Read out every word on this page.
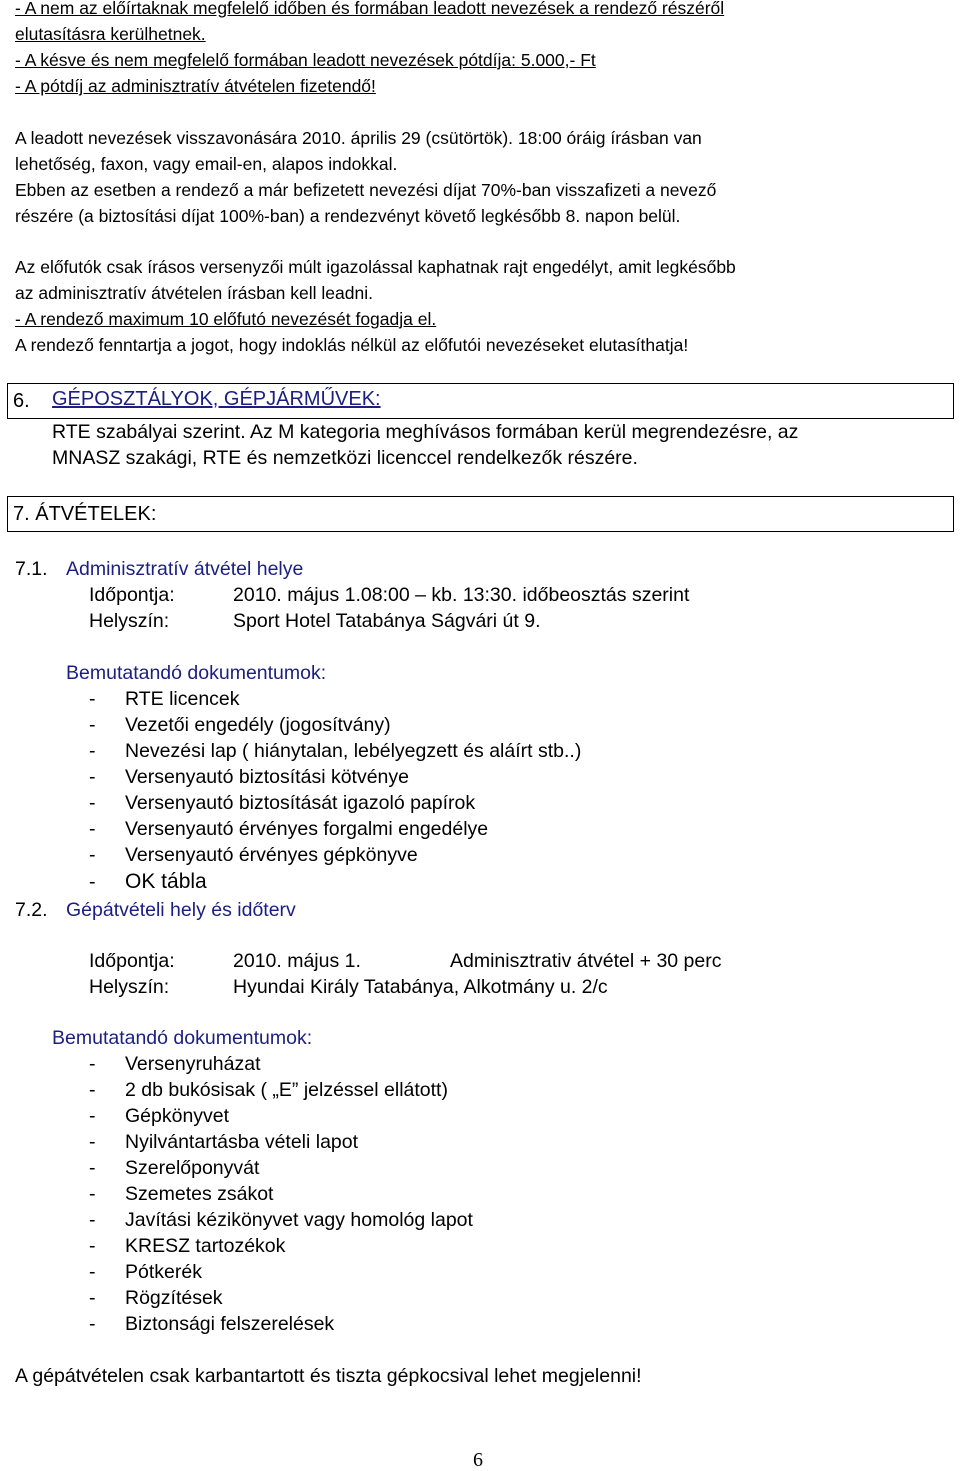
- A nem az előírtaknak megfelelő időben és formában leadott nevezések a rendező részéről
elutasításra kerülhetnek.
- A késve és nem megfelelő formában leadott nevezések pótdíja: 5.000,- Ft
- A pótdíj az adminisztratív átvételen fizetendő!
A leadott nevezések visszavonására 2010. április 29 (csütörtök). 18:00 óráig írásban van
lehetőség, faxon, vagy email-en, alapos indokkal.
Ebben az esetben a rendező a már befizetett nevezési díjat 70%-ban visszafizeti a nevező
részére (a biztosítási díjat 100%-ban) a rendezvényt követő legkésőbb 8. napon belül.
Az előfutók csak írásos versenyzői múlt igazolással kaphatnak rajt engedélyt, amit legkésőbb
az adminisztratív átvételen írásban kell leadni.
- A rendező maximum 10 előfutó nevezését fogadja el.
A rendező fenntartja a jogot, hogy indoklás nélkül az előfutói nevezéseket elutasíthatja!
6. GÉPOSZTÁLYOK, GÉPJÁRMŰVEK:
RTE szabályai szerint. Az M kategoria meghívásos formában kerül megrendezésre, az
MNASZ szakági, RTE és nemzetközi licenccel rendelkezők részére.
7. ÁTVÉTELEK:
7.1. Adminisztratív átvétel helye
Időpontja:	2010. május 1.08:00 – kb. 13:30. időbeosztás szerint
Helyszín:	Sport Hotel Tatabánya Ságvári út 9.
Bemutatandó dokumentumok:
- RTE licencek
- Vezetői engedély (jogosítvány)
- Nevezési lap ( hiánytalan, lebélyegzett és aláírt stb..)
- Versenyautó biztosítási kötvénye
- Versenyautó biztosítását igazoló papírok
- Versenyautó érvényes forgalmi engedélye
- Versenyautó érvényes gépkönyve
- OK tábla
7.2. Gépátvételi hely és időterv
Időpontja:	2010. május 1.	Adminisztrativ átvétel + 30 perc
Helyszín:	Hyundai Király Tatabánya, Alkotmány u. 2/c
Bemutatandó dokumentumok:
- Versenyruházat
- 2 db bukósisak ( „E” jelzéssel ellátott)
- Gépkönyvet
- Nyilvántartásba vételi lapot
- Szerelőponyvát
- Szemetes zsákot
- Javítási kézikönyvet vagy homológ lapot
- KRESZ tartozékok
- Pótkerék
- Rögzítések
- Biztonsági felszerelések
A gépátvételen csak karbantartott és tiszta gépkocsival lehet megjelenni!
6
